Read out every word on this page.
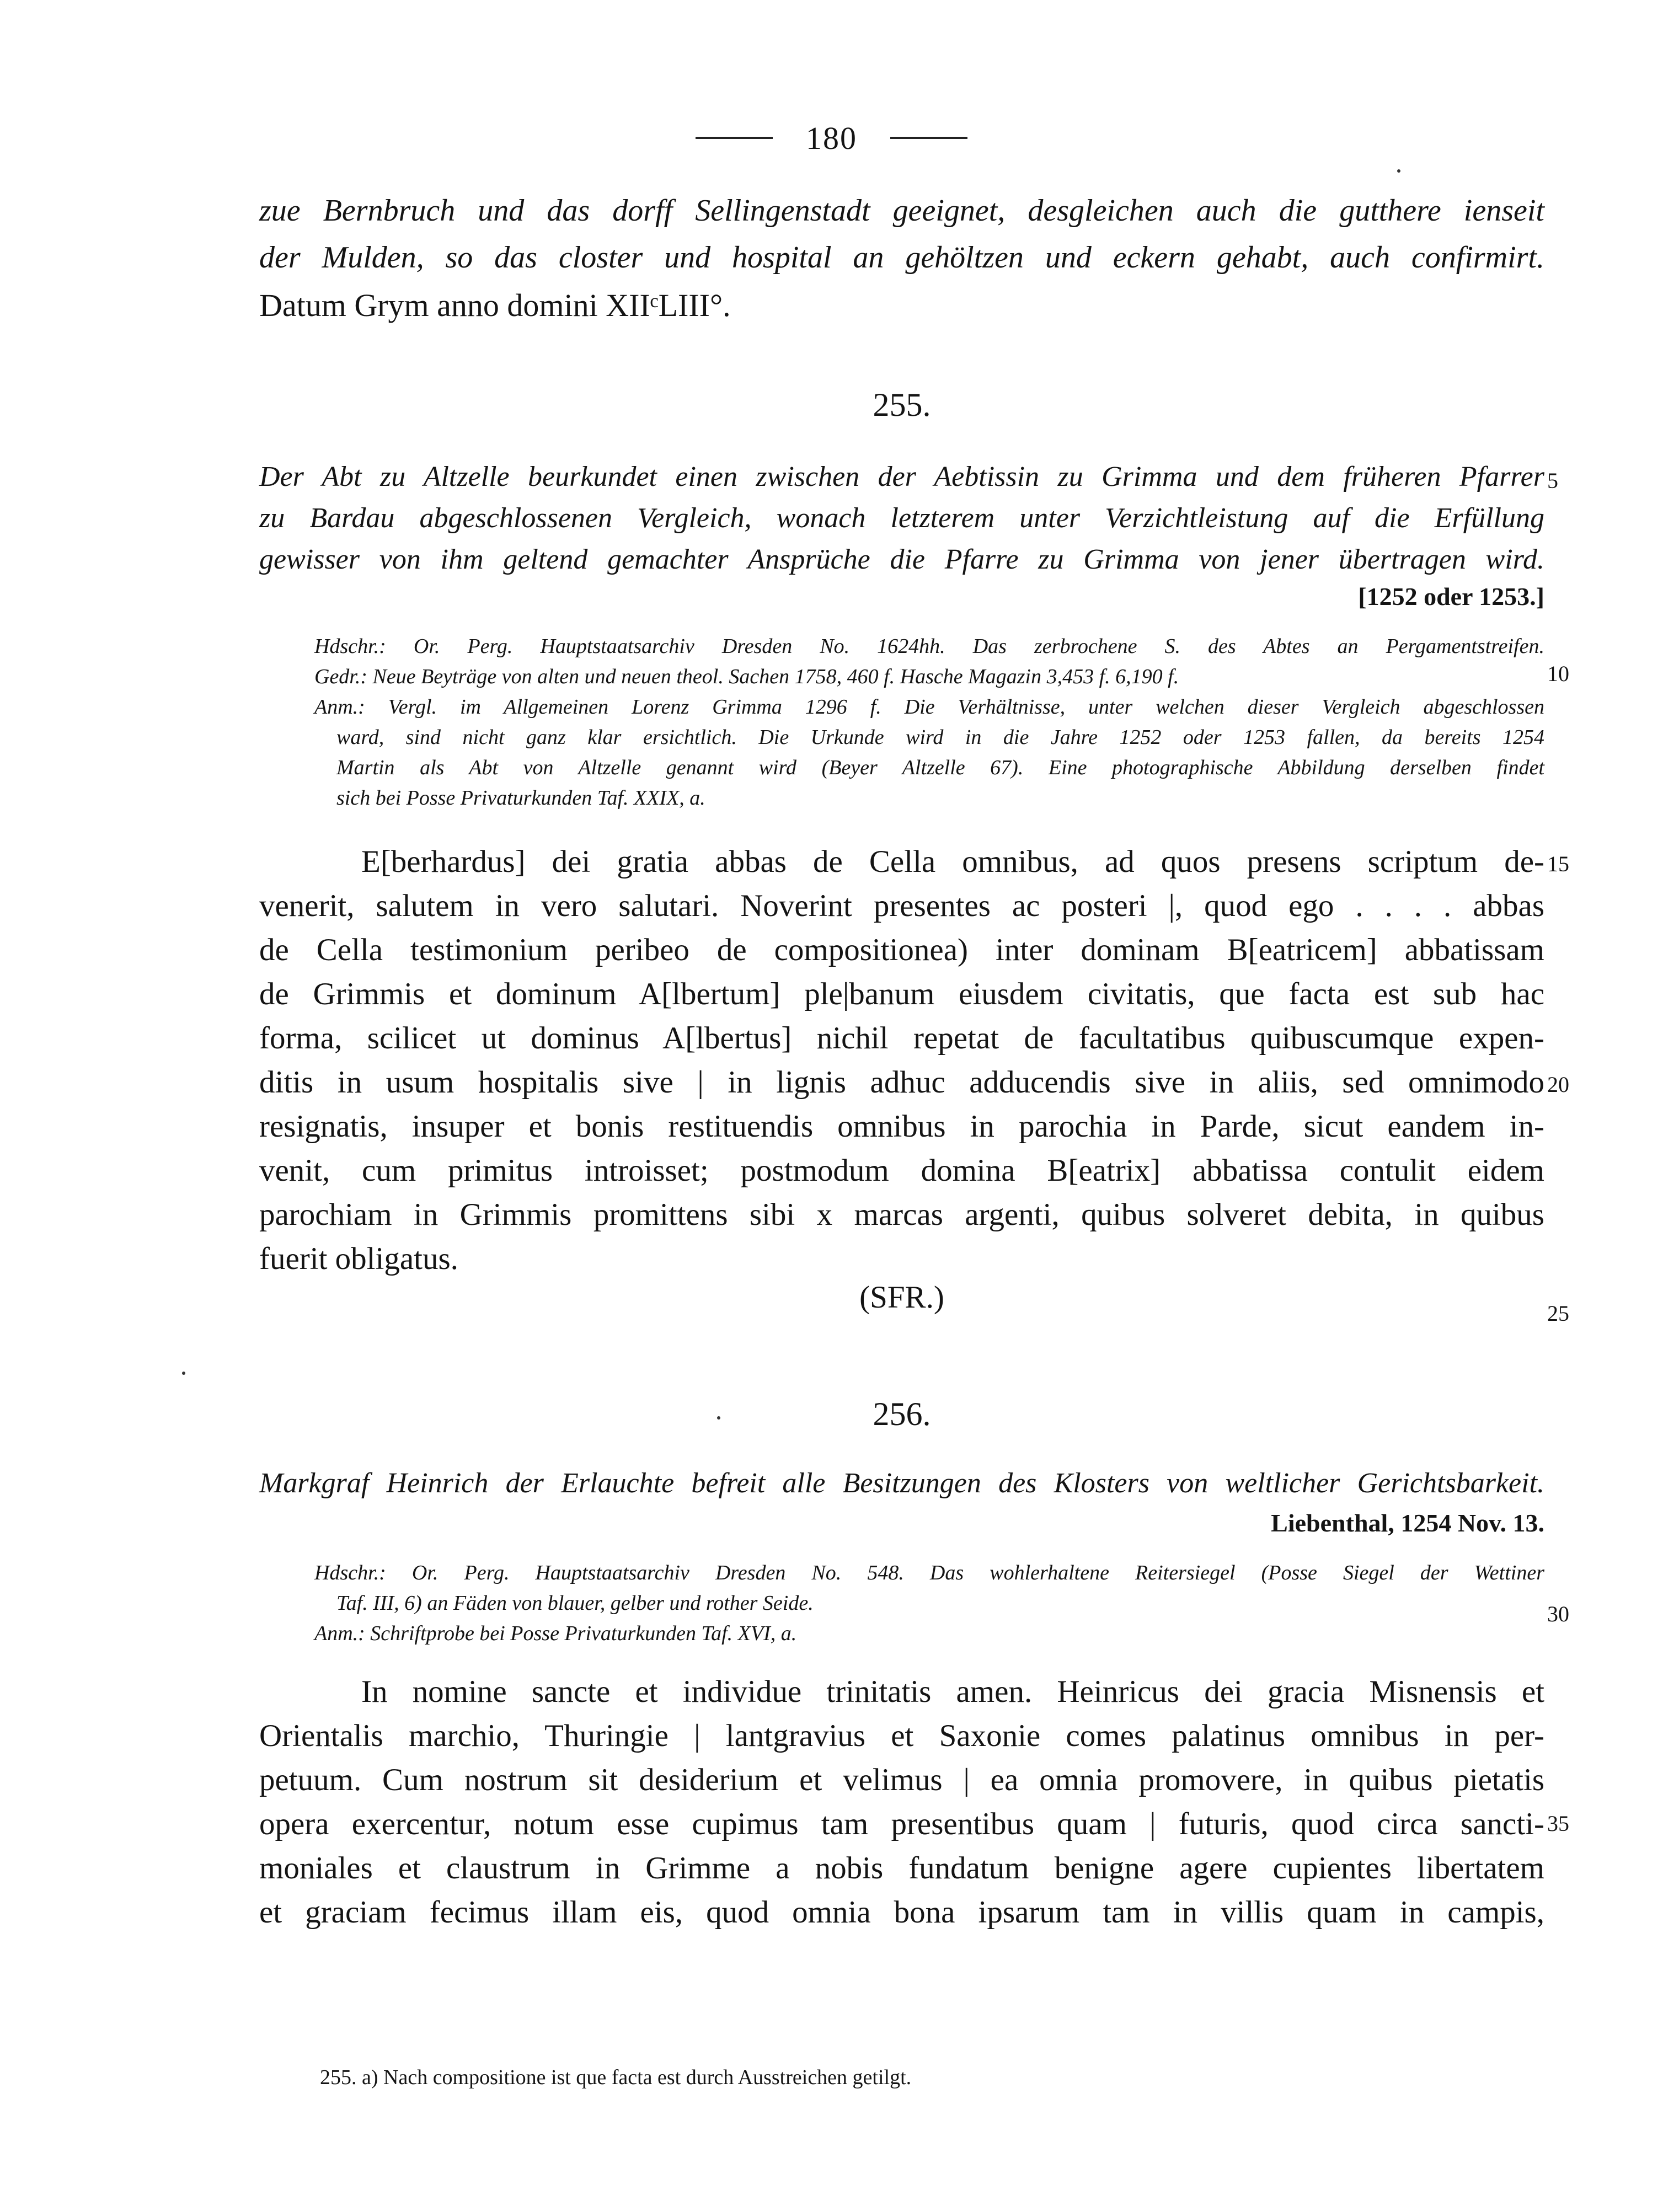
180
zue Bernbruch und das dorff Sellingenstadt geeignet, desgleichen auch die gutthere ienseit
der Mulden, so das closter und hospital an gehöltzen und eckern gehabt, auch confirmirt.
Datum Grym anno domini XIIᶜLIII°.
255.
Der Abt zu Altzelle beurkundet einen zwischen der Aebtissin zu Grimma und dem früheren Pfarrer
zu Bardau abgeschlossenen Vergleich, wonach letzterem unter Verzichtleistung auf die Erfüllung
gewisser von ihm geltend gemachter Ansprüche die Pfarre zu Grimma von jener übertragen wird.
[1252 oder 1253.]
Hdschr.: Or. Perg. Hauptstaatsarchiv Dresden No. 1624hh. Das zerbrochene S. des Abtes an Pergamentstreifen.
Gedr.: Neue Beyträge von alten und neuen theol. Sachen 1758, 460 f. Hasche Magazin 3,453 f. 6,190 f.
Anm.: Vergl. im Allgemeinen Lorenz Grimma 1296 f. Die Verhältnisse, unter welchen dieser Vergleich abgeschlossen
ward, sind nicht ganz klar ersichtlich. Die Urkunde wird in die Jahre 1252 oder 1253 fallen, da bereits 1254
Martin als Abt von Altzelle genannt wird (Beyer Altzelle 67). Eine photographische Abbildung derselben findet
sich bei Posse Privaturkunden Taf. XXIX, a.
E[berhardus] dei gratia abbas de Cella omnibus, ad quos presens scriptum de-
venerit, salutem in vero salutari. Noverint presentes ac posteri |, quod ego . . . . abbas
de Cella testimonium peribeo de compositionea) inter dominam B[eatricem] abbatissam
de Grimmis et dominum A[lbertum] ple|banum eiusdem civitatis, que facta est sub hac
forma, scilicet ut dominus A[lbertus] nichil repetat de facultatibus quibuscumque expen-
ditis in usum hospitalis sive | in lignis adhuc adducendis sive in aliis, sed omnimodo
resignatis, insuper et bonis restituendis omnibus in parochia in Parde, sicut eandem in-
venit, cum primitus introisset; postmodum domina B[eatrix] abbatissa contulit eidem
parochiam in Grimmis promittens sibi x marcas argenti, quibus solveret debita, in quibus
fuerit obligatus.
(SFR.)
256.
Markgraf Heinrich der Erlauchte befreit alle Besitzungen des Klosters von weltlicher Gerichtsbarkeit.
Liebenthal, 1254 Nov. 13.
Hdschr.: Or. Perg. Hauptstaatsarchiv Dresden No. 548. Das wohlerhaltene Reitersiegel (Posse Siegel der Wettiner
Taf. III, 6) an Fäden von blauer, gelber und rother Seide.
Anm.: Schriftprobe bei Posse Privaturkunden Taf. XVI, a.
In nomine sancte et individue trinitatis amen. Heinricus dei gracia Misnensis et
Orientalis marchio, Thuringie | lantgravius et Saxonie comes palatinus omnibus in per-
petuum. Cum nostrum sit desiderium et velimus | ea omnia promovere, in quibus pietatis
opera exercentur, notum esse cupimus tam presentibus quam | futuris, quod circa sancti-
moniales et claustrum in Grimme a nobis fundatum benigne agere cupientes libertatem
et graciam fecimus illam eis, quod omnia bona ipsarum tam in villis quam in campis,
255. a) Nach compositione ist que facta est durch Ausstreichen getilgt.
5
10
15
20
25
30
35
